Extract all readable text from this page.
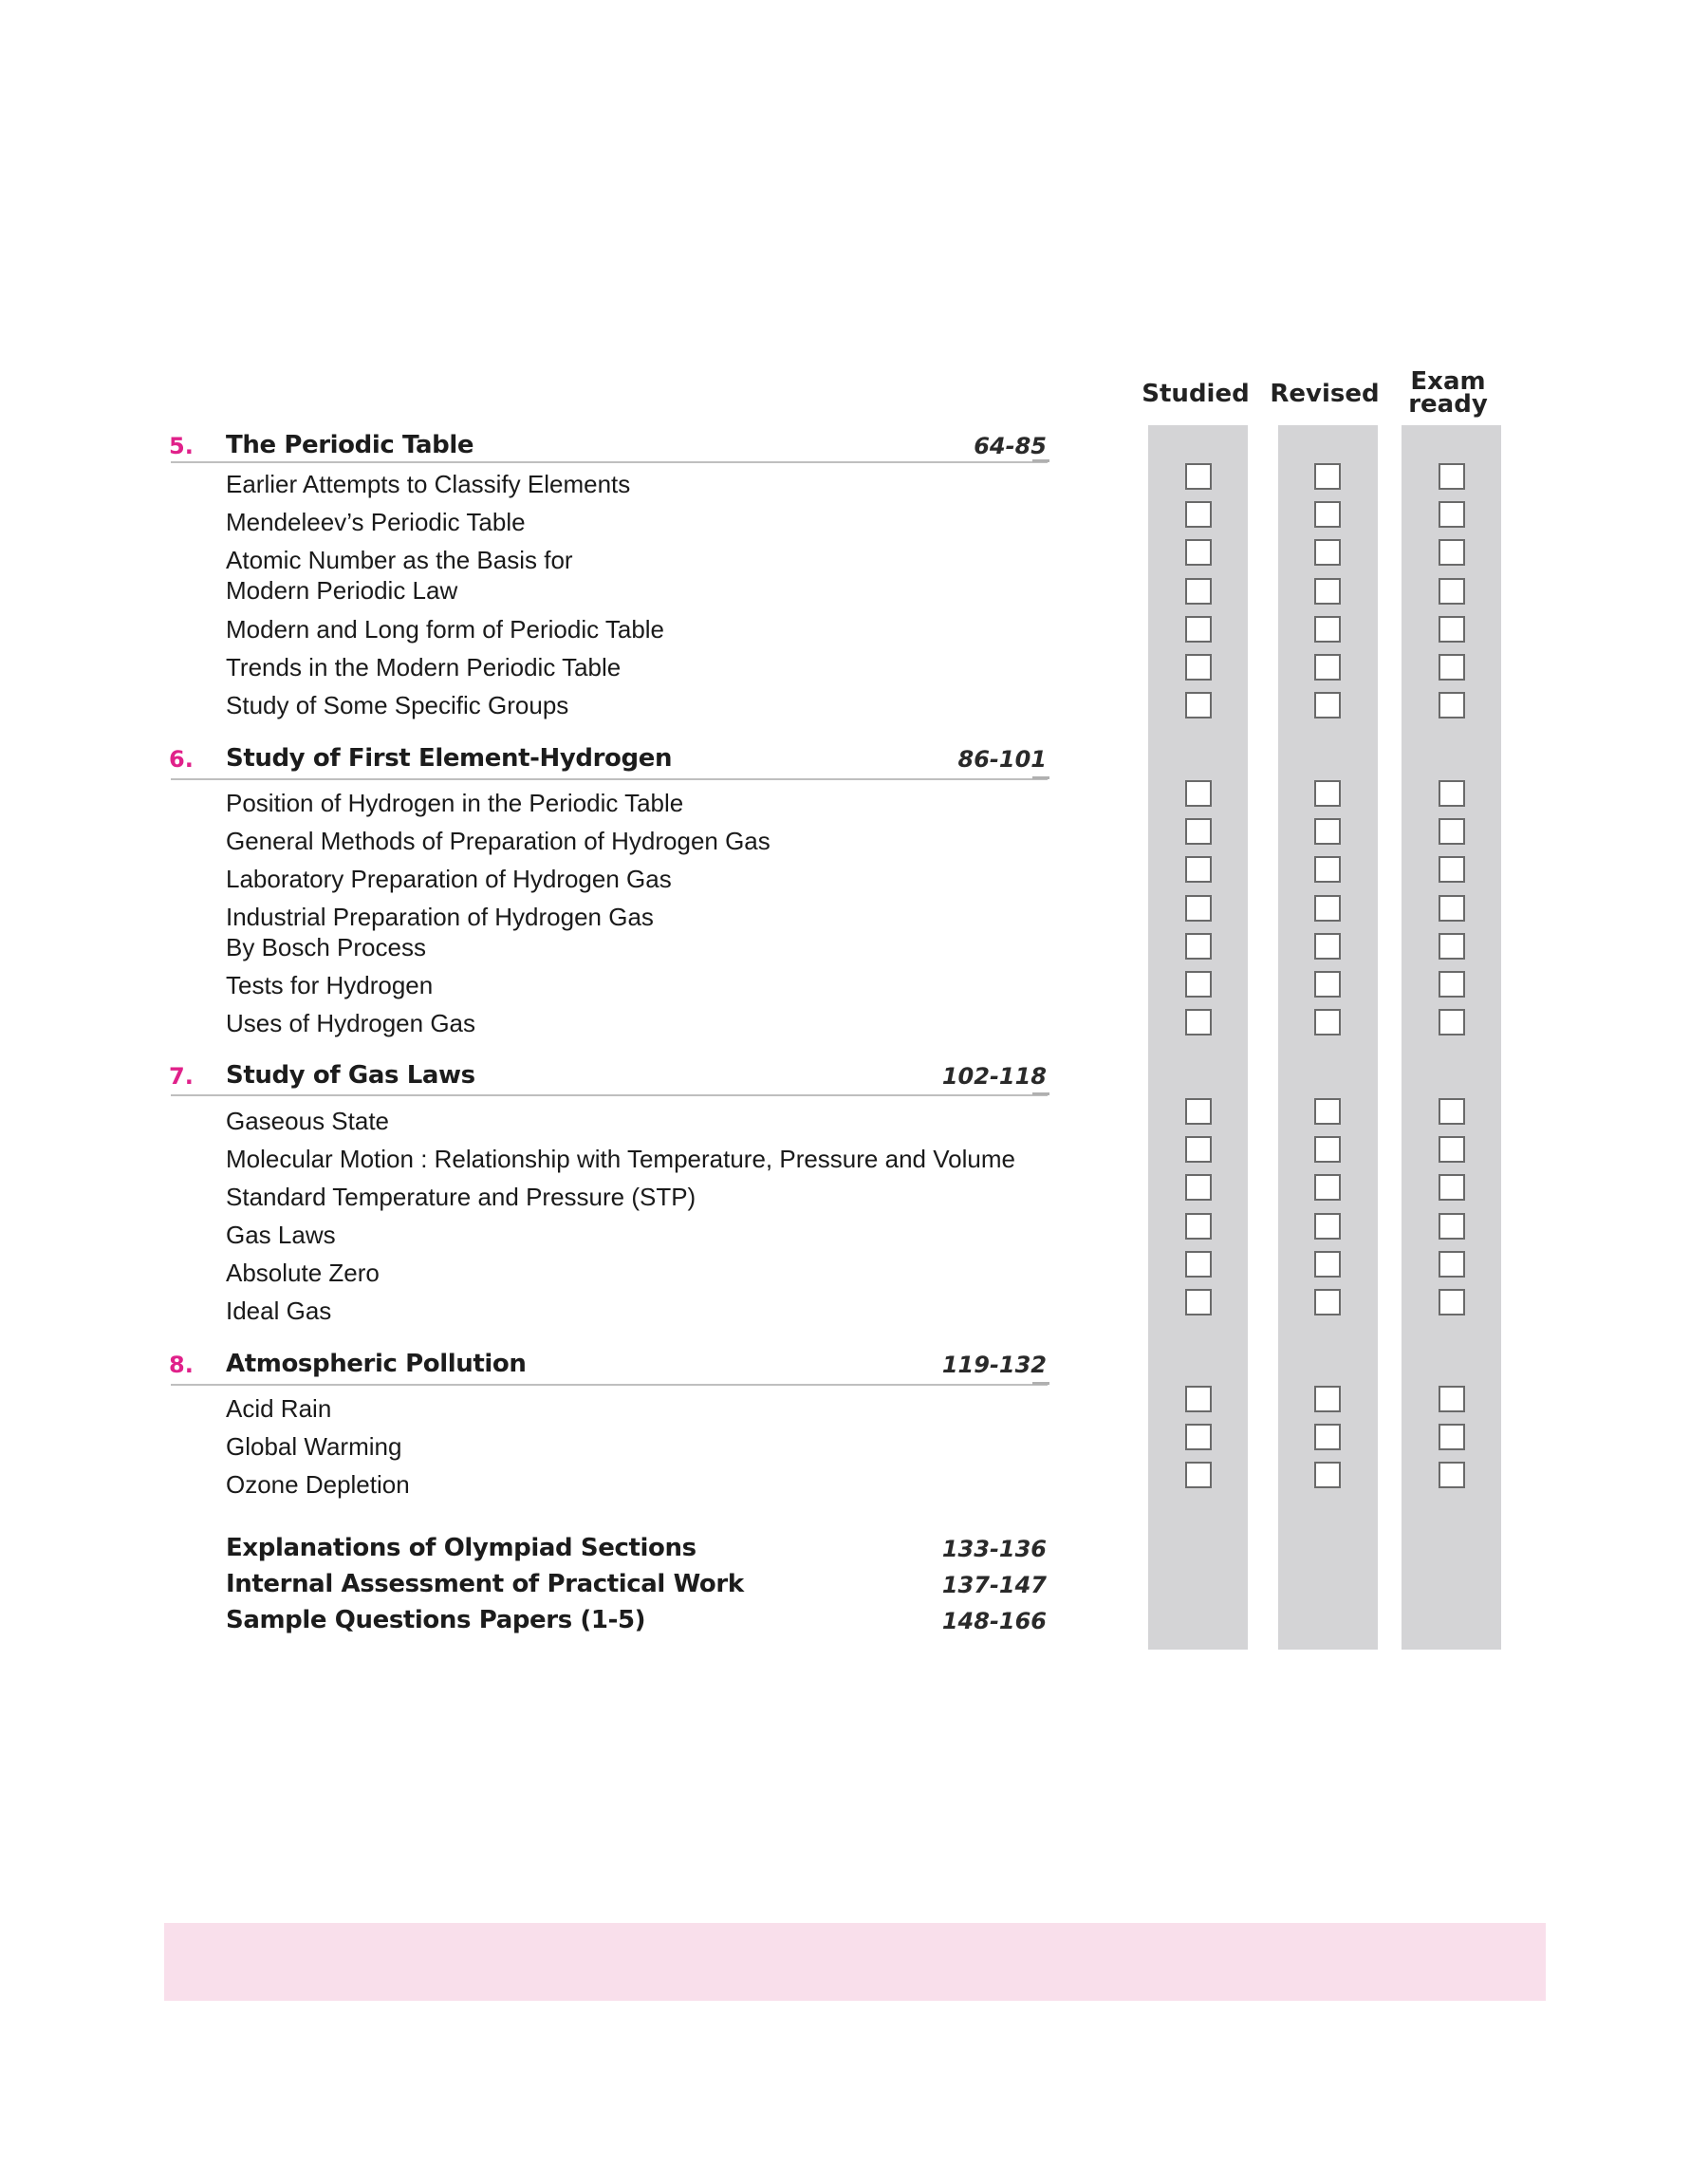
Studied Revised	Exam
ready
5. The Periodic Table	64-85
Earlier Attempts to Classify Elements
Mendeleev’s Periodic Table
Atomic Number as the Basis for
Modern Periodic Law
Modern and Long form of Periodic Table
Trends in the Modern Periodic Table
Study of Some Specific Groups
6. Study of First Element-Hydrogen	86-101
Position of Hydrogen in the Periodic Table
General Methods of Preparation of Hydrogen Gas
Laboratory Preparation of Hydrogen Gas
Industrial Preparation of Hydrogen Gas
By Bosch Process
Tests for Hydrogen
Uses of Hydrogen Gas
7. Study of Gas Laws	102-118
Gaseous State
Molecular Motion : Relationship with Temperature, Pressure and Volume
Standard Temperature and Pressure (STP)
Gas Laws
Absolute Zero
Ideal Gas
8. Atmospheric Pollution	119-132
Acid Rain
Global Warming
Ozone Depletion
Explanations of Olympiad Sections	133-136
Internal Assessment of Practical Work	137-147
Sample Questions Papers (1-5)	148-166
